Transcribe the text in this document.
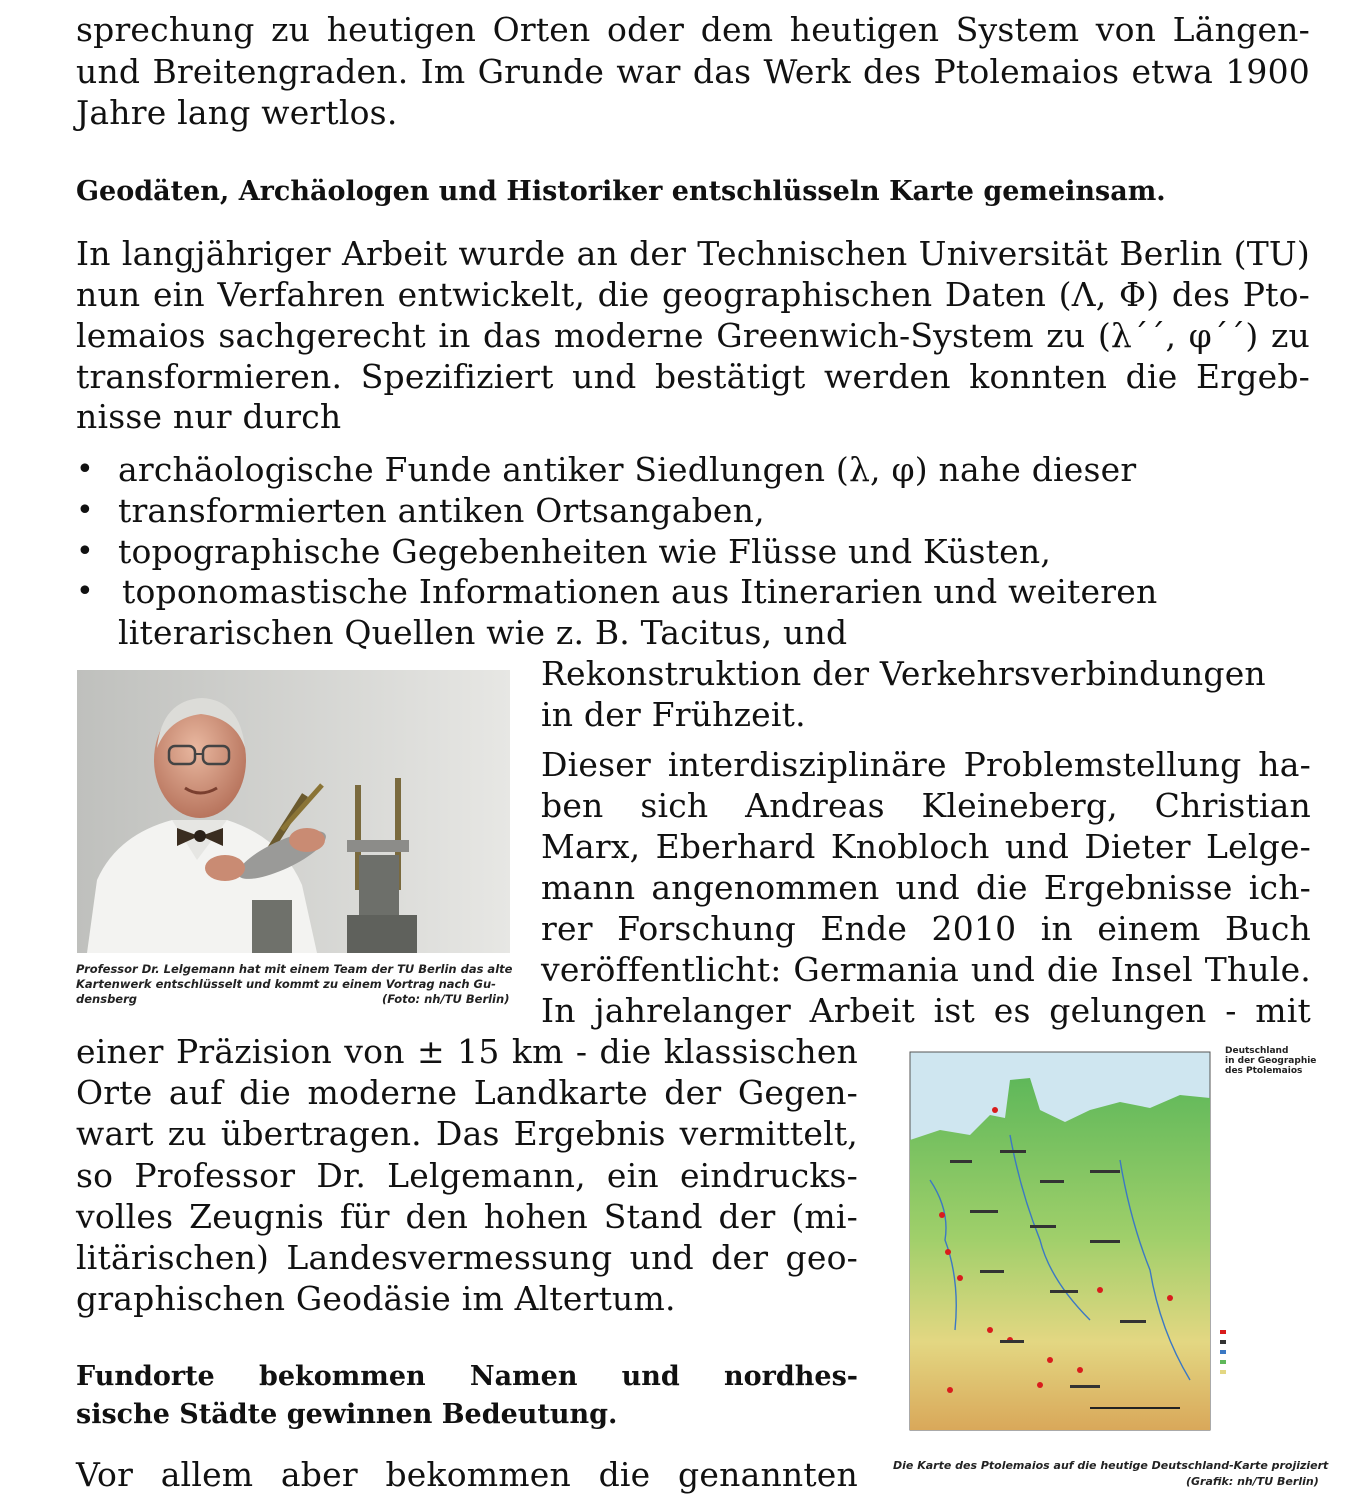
sprechung zu heutigen Orten oder dem heutigen System von Längen-
und Breitengraden. Im Grunde war das Werk des Ptolemaios etwa 1900
Jahre lang wertlos.
Geodäten, Archäologen und Historiker entschlüsseln Karte gemeinsam.
In langjähriger Arbeit wurde an der Technischen Universität Berlin (TU)
nun ein Verfahren entwickelt, die geographischen Daten (Λ, Φ) des Pto-
lemaios sachgerecht in das moderne Greenwich-System zu (λ´´, φ´´) zu
transformieren. Spezifiziert und bestätigt werden konnten die Ergeb-
nisse nur durch
• archäologische Funde antiker Siedlungen (λ, φ) nahe dieser
• transformierten antiken Ortsangaben,
• topographische Gegebenheiten wie Flüsse und Küsten,
• toponomastische Informationen aus Itinerarien und weiteren
literarischen Quellen wie z. B. Tacitus, und
Rekonstruktion der Verkehrsverbindungen
in der Frühzeit.
Professor Dr. Lelgemann hat mit einem Team der TU Berlin das alte
Kartenwerk entschlüsselt und kommt zu einem Vortrag nach Gu-
densberg	(Foto: nh/TU Berlin)
Dieser interdisziplinäre Problemstellung ha-
ben sich Andreas Kleineberg, Christian
Marx, Eberhard Knobloch und Dieter Lelge-
mann angenommen und die Ergebnisse ich-
rer Forschung Ende 2010 in einem Buch
veröffentlicht: Germania und die Insel Thule.
In jahrelanger Arbeit ist es gelungen - mit
einer Präzision von ± 15 km - die klassischen
Orte auf die moderne Landkarte der Gegen-
wart zu übertragen. Das Ergebnis vermittelt,
so Professor Dr. Lelgemann, ein eindrucks-
volles Zeugnis für den hohen Stand der (mi-
litärischen) Landesvermessung und der geo-
graphischen Geodäsie im Altertum.
Fundorte bekommen Namen und nordhes-
sische Städte gewinnen Bedeutung.
Vor allem aber bekommen die genannten
Deutschland
in der Geographie
des Ptolemaios
Die Karte des Ptolemaios auf die heutige Deutschland-Karte projiziert
(Grafik: nh/TU Berlin)
